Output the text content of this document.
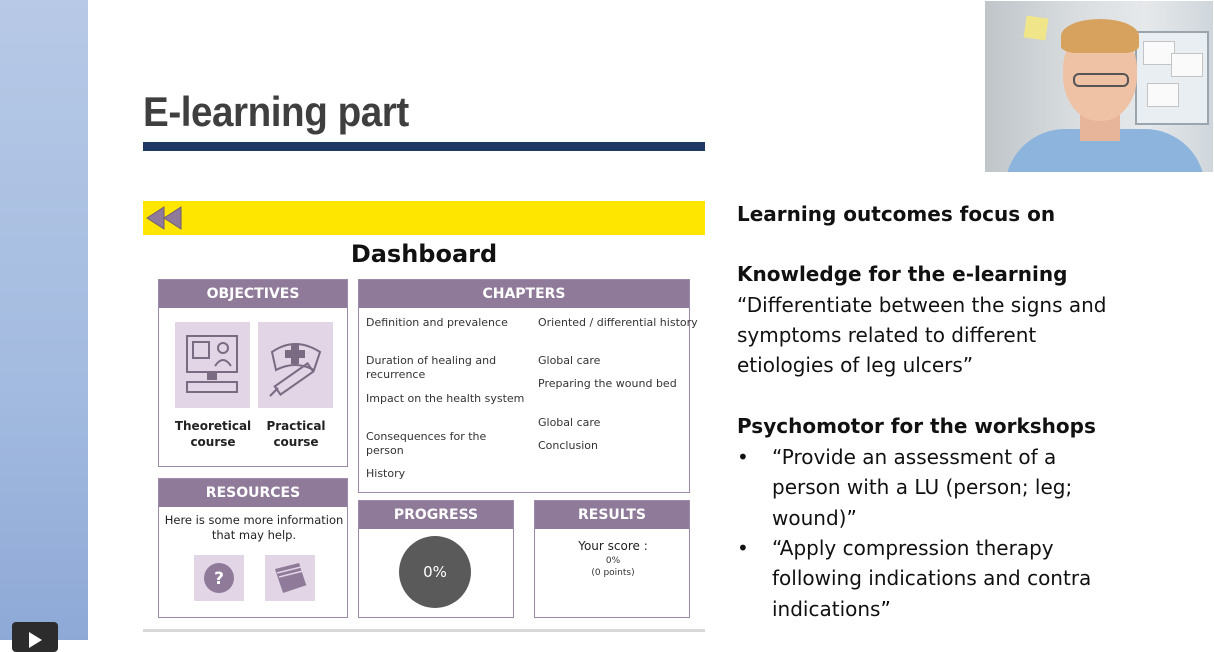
E-learning part
Dashboard
OBJECTIVES
Theoretical course
Practical course
CHAPTERS
Definition and prevalence
Duration of healing and recurrence
Impact on the health system
Consequences for the person
History
Oriented / differential history
Global care
Preparing the wound bed
Global care
Conclusion
RESOURCES
Here is some more information that may help.
?
PROGRESS
0%
RESULTS
Your score :
0%
(0 points)
Learning outcomes focus on
Knowledge for the e-learning
“Differentiate between the signs and
symptoms related to different
etiologies of leg ulcers”
Psychomotor for the workshops
• “Provide an assessment of a
person with a LU (person; leg;
wound)”
• “Apply compression therapy
following indications and contra
indications”
